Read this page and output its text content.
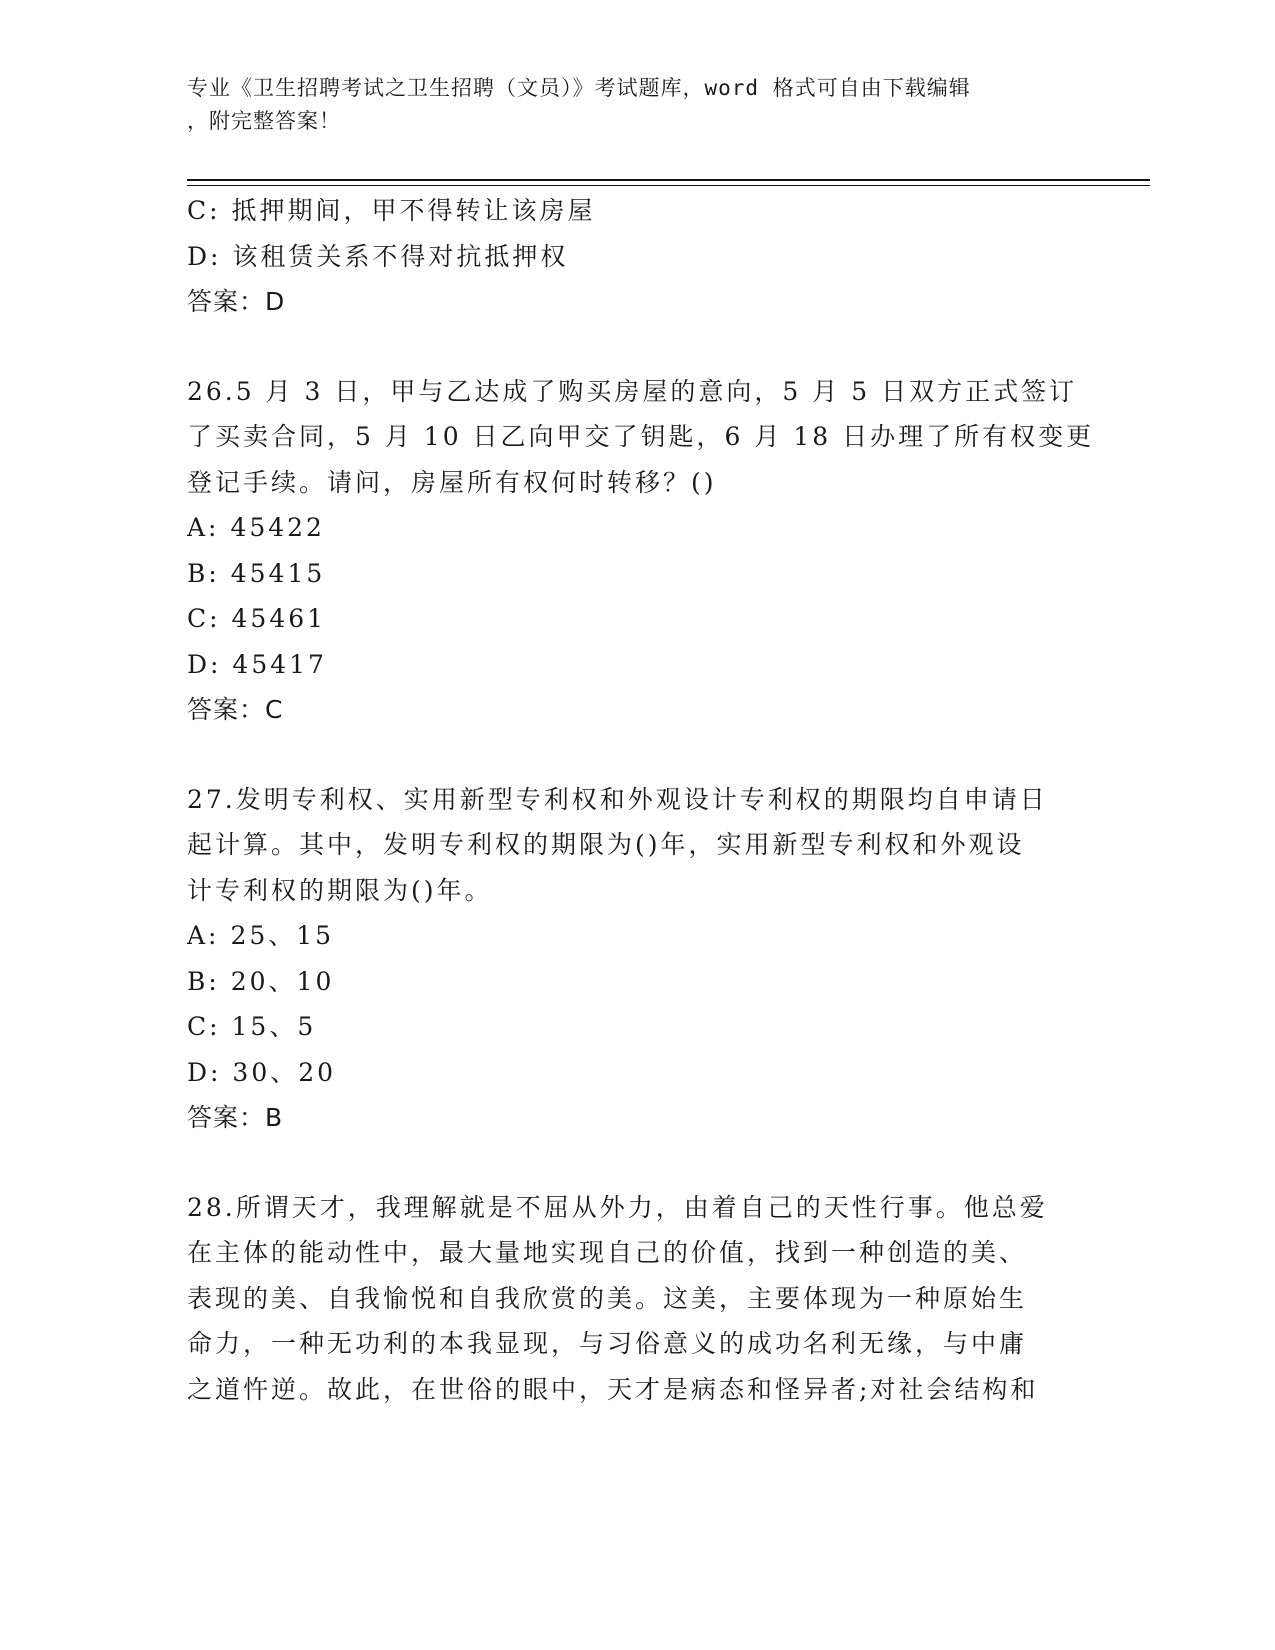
专业《卫生招聘考试之卫生招聘（文员）》考试题库，word 格式可自由下载编辑
，附完整答案！
C: 抵押期间，甲不得转让该房屋
D: 该租赁关系不得对抗抵押权
答案：D
26.5 月 3 日，甲与乙达成了购买房屋的意向，5 月 5 日双方正式签订
了买卖合同，5 月 10 日乙向甲交了钥匙，6 月 18 日办理了所有权变更
登记手续。请问，房屋所有权何时转移？()
A: 45422
B: 45415
C: 45461
D: 45417
答案：C
27.发明专利权、实用新型专利权和外观设计专利权的期限均自申请日
起计算。其中，发明专利权的期限为()年，实用新型专利权和外观设
计专利权的期限为()年。
A: 25、15
B: 20、10
C: 15、5
D: 30、20
答案：B
28.所谓天才，我理解就是不屈从外力，由着自己的天性行事。他总爱
在主体的能动性中，最大量地实现自己的价值，找到一种创造的美、
表现的美、自我愉悦和自我欣赏的美。这美，主要体现为一种原始生
命力，一种无功利的本我显现，与习俗意义的成功名利无缘，与中庸
之道忤逆。故此，在世俗的眼中，天才是病态和怪异者;对社会结构和
